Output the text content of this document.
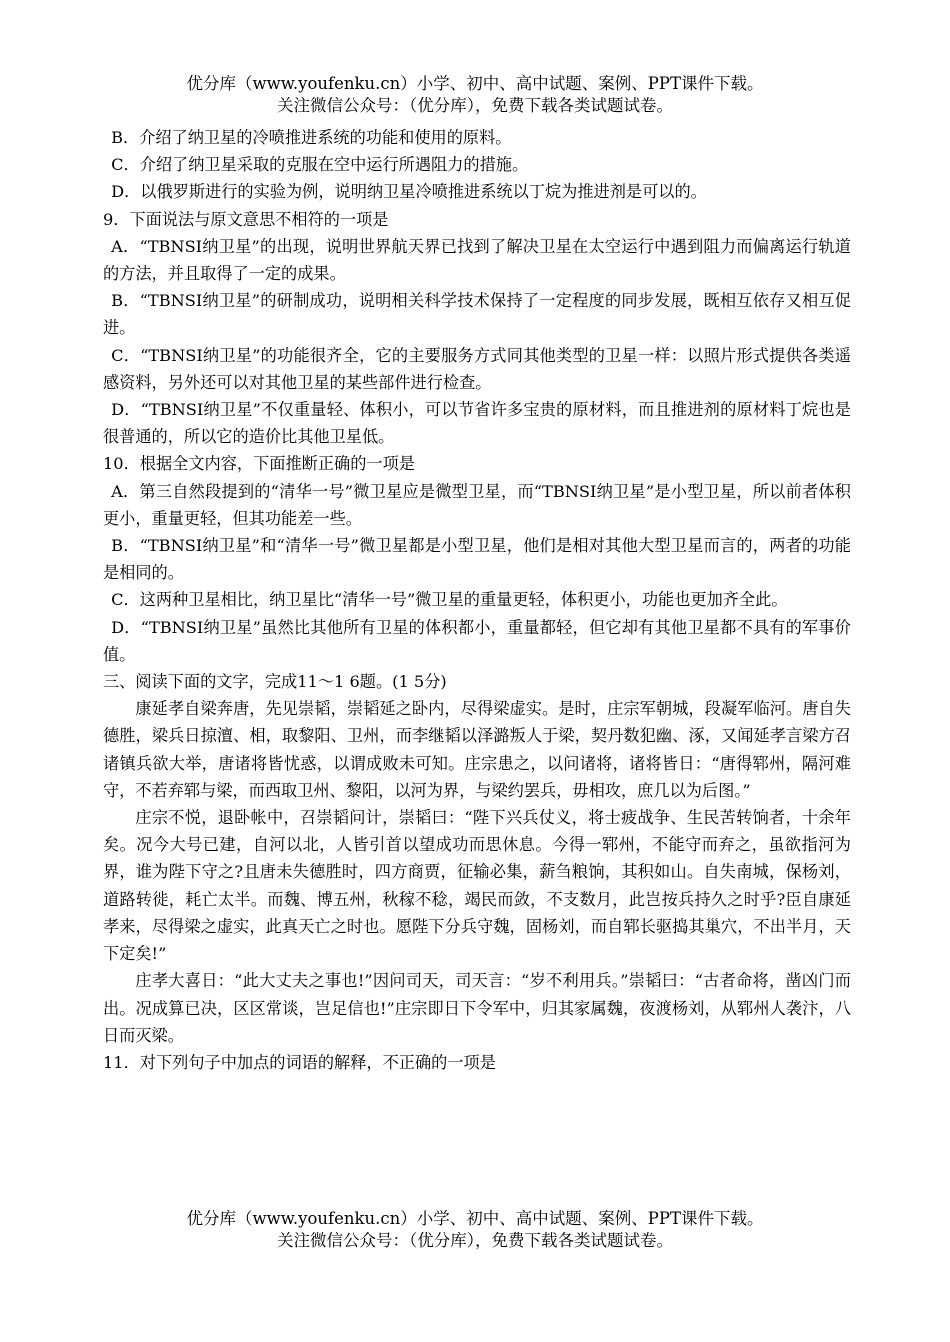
优分库（www.youfenku.cn）小学、初中、高中试题、案例、PPT课件下载。
关注微信公众号：（优分库），免费下载各类试题试卷。

B．介绍了纳卫星的冷喷推进系统的功能和使用的原料。

C．介绍了纳卫星采取的克服在空中运行所遇阻力的措施。

D．以俄罗斯进行的实验为例，说明纳卫星冷喷推进系统以丁烷为推进剂是可以的。

9．下面说法与原文意思不相符的一项是

A．“TBNSI纳卫星”的出现，说明世界航天界已找到了解决卫星在太空运行中遇到阻力而偏离运行轨道的方法，并且取得了一定的成果。

B．“TBNSI纳卫星”的研制成功，说明相关科学技术保持了一定程度的同步发展，既相互依存又相互促进。

C．“TBNSI纳卫星”的功能很齐全，它的主要服务方式同其他类型的卫星一样：以照片形式提供各类遥感资料，另外还可以对其他卫星的某些部件进行检查。

D．“TBNSI纳卫星”不仅重量轻、体积小，可以节省许多宝贵的原材料，而且推进剂的原材料丁烷也是很普通的，所以它的造价比其他卫星低。

10．根据全文内容，下面推断正确的一项是

A．第三自然段提到的“清华一号”微卫星应是微型卫星，而“TBNSI纳卫星”是小型卫星，所以前者体积更小，重量更轻，但其功能差一些。

B．“TBNSI纳卫星”和“清华一号”微卫星都是小型卫星，他们是相对其他大型卫星而言的，两者的功能是相同的。

C．这两种卫星相比，纳卫星比“清华一号”微卫星的重量更轻，体积更小，功能也更加齐全此。

D．“TBNSI纳卫星”虽然比其他所有卫星的体积都小，重量都轻，但它却有其他卫星都不具有的军事价值。

三、阅读下面的文字，完成11～1 6题。(1 5分)

康延孝自梁奔唐，先见崇韬，崇韬延之卧内，尽得梁虚实。是时，庄宗军朝城，段凝军临河。唐自失德胜，梁兵日掠澶、相，取黎阳、卫州，而李继韬以泽潞叛人于梁，契丹数犯幽、涿，又闻延孝言梁方召诸镇兵欲大举，唐诸将皆忧惑，以谓成败未可知。庄宗患之，以问诸将，诸将皆日：“唐得郓州，隔河难守，不若弃郓与梁，而西取卫州、黎阳，以河为界，与梁约罢兵，毋相攻，庶几以为后图。”

庄宗不悦，退卧帐中，召崇韬问计，崇韬曰：“陛下兴兵仗义，将士疲战争、生民苦转饷者，十余年矣。况今大号已建，自河以北，人皆引首以望成功而思休息。今得一郓州，不能守而弃之，虽欲指河为界，谁为陛下守之?且唐未失德胜时，四方商贾，征输必集，薪刍粮饷，其积如山。自失南城，保杨刘，道路转徙，耗亡太半。而魏、博五州，秋稼不稔，竭民而敛，不支数月，此岂按兵持久之时乎?臣自康延孝来，尽得梁之虚实，此真天亡之时也。愿陛下分兵守魏，固杨刘，而自郓长驱捣其巢穴，不出半月，天下定矣!”

庄孝大喜日：“此大丈夫之事也!”因问司天，司天言：“岁不利用兵。”崇韬曰：“古者命将，凿凶门而出。况成算已决，区区常谈，岂足信也!”庄宗即日下令军中，归其家属魏，夜渡杨刘，从郓州人袭汴，八日而灭梁。

11．对下列句子中加点的词语的解释，不正确的一项是

优分库（www.youfenku.cn）小学、初中、高中试题、案例、PPT课件下载。
关注微信公众号：（优分库），免费下载各类试题试卷。
